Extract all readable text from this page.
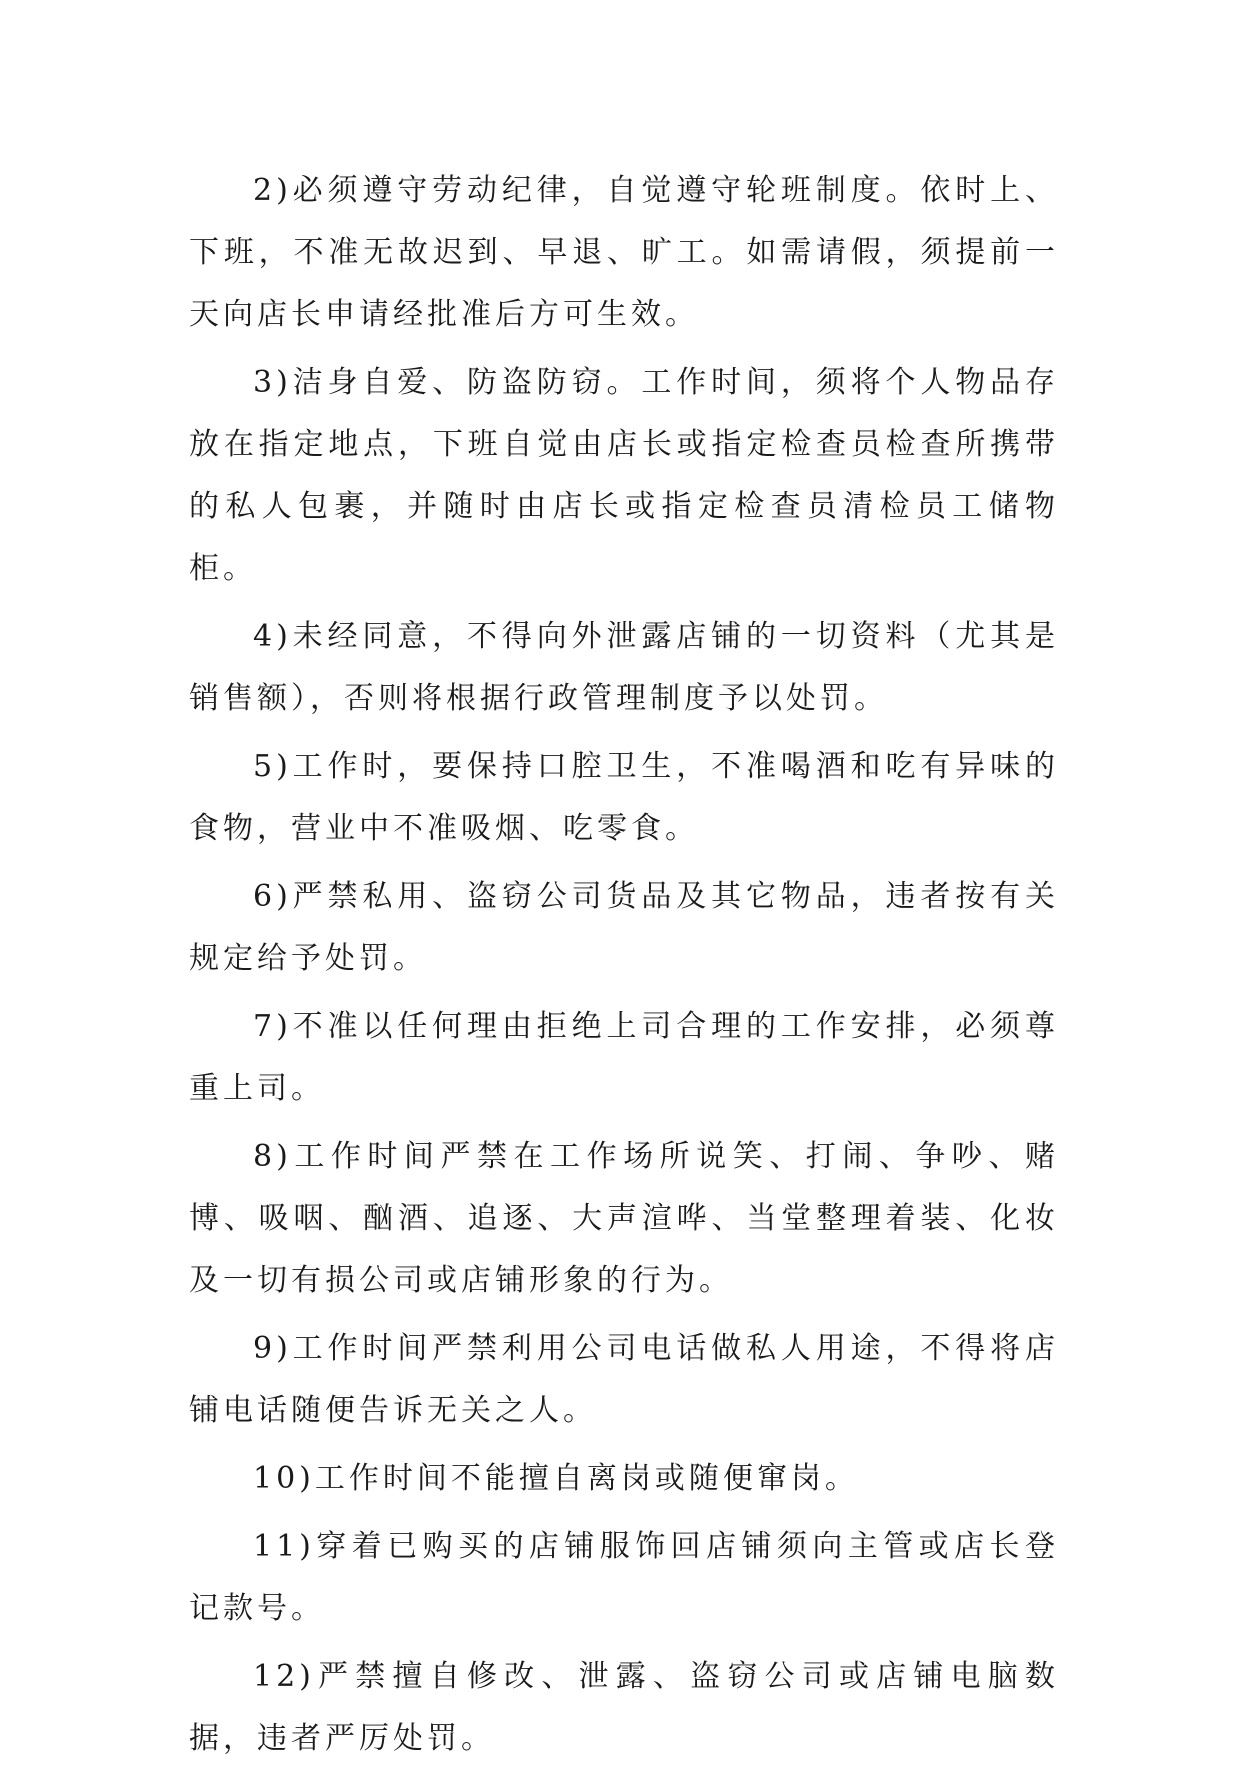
2)必须遵守劳动纪律，自觉遵守轮班制度。依时上、下班，不准无故迟到、早退、旷工。如需请假，须提前一天向店长申请经批准后方可生效。

3)洁身自爱、防盗防窃。工作时间，须将个人物品存放在指定地点，下班自觉由店长或指定检查员检查所携带的私人包裹，并随时由店长或指定检查员清检员工储物柜。

4)未经同意，不得向外泄露店铺的一切资料（尤其是销售额），否则将根据行政管理制度予以处罚。

5)工作时，要保持口腔卫生，不准喝酒和吃有异味的食物，营业中不准吸烟、吃零食。

6)严禁私用、盗窃公司货品及其它物品，违者按有关规定给予处罚。

7)不准以任何理由拒绝上司合理的工作安排，必须尊重上司。

8)工作时间严禁在工作场所说笑、打闹、争吵、赌博、吸咽、酗酒、追逐、大声渲哗、当堂整理着装、化妆及一切有损公司或店铺形象的行为。

9)工作时间严禁利用公司电话做私人用途，不得将店铺电话随便告诉无关之人。

10)工作时间不能擅自离岗或随便窜岗。

11)穿着已购买的店铺服饰回店铺须向主管或店长登记款号。

12)严禁擅自修改、泄露、盗窃公司或店铺电脑数据，违者严厉处罚。
